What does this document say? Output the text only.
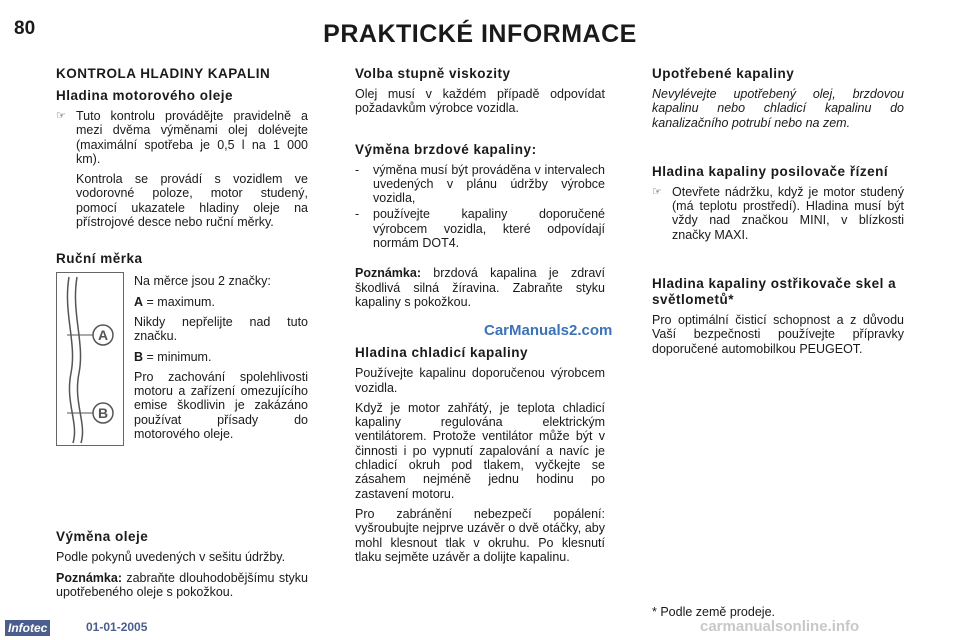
80	PRAKTICKÉ INFORMACE
KONTROLA HLADINY KAPALIN
Hladina motorového oleje
☞ Tuto kontrolu provádějte pravidelně a mezi dvěma výměnami olej dolévejte (maximální spotřeba je 0,5 l na 1 000 km).

Kontrola se provádí s vozidlem ve vodorovné poloze, motor studený, pomocí ukazatele hladiny oleje na přístrojové desce nebo ruční měrky.

Ruční měrka
A
B

Na měrce jsou 2 značky:

A = maximum.

Nikdy nepřelijte nad tuto značku.

B = minimum.

Pro zachování spolehlivosti motoru a zařízení omezujícího emise škodlivin je zakázáno používat přísady do motorového oleje.

Výměna oleje

Podle pokynů uvedených v sešitu údržby.

Poznámka: zabraňte dlouhodobějšímu styku upotřebeného oleje s pokožkou.

Volba stupně viskozity

Olej musí v každém případě odpovídat požadavkům výrobce vozidla.

Výměna brzdové kapaliny:
-	výměna musí být prováděna v intervalech uvedených v plánu údržby výrobce vozidla,
-	používejte kapaliny doporučené výrobcem vozidla, které odpovídají normám DOT4.

Poznámka: brzdová kapalina je zdraví škodlivá silná žíravina. Zabraňte styku kapaliny s pokožkou.

Hladina chladicí kapaliny

Používejte kapalinu doporučenou výrobcem vozidla.

Když je motor zahřátý, je teplota chladicí kapaliny regulována elektrickým ventilátorem. Protože ventilátor může být v činnosti i po vypnutí zapalování a navíc je chladicí okruh pod tlakem, vyčkejte se zásahem nejméně jednu hodinu po zastavení motoru.

Pro zabránění nebezpečí popálení: vyšroubujte nejprve uzávěr o dvě otáčky, aby mohl klesnout tlak v okruhu. Po klesnutí tlaku sejměte uzávěr a dolijte kapalinu.

Upotřebené kapaliny

Nevylévejte upotřebený olej, brzdovou kapalinu nebo chladicí kapalinu do kanalizačního potrubí nebo na zem.

Hladina kapaliny posilovače řízení
☞ Otevřete nádržku, když je motor studený (má teplotu prostředí). Hladina musí být vždy nad značkou MINI, v blízkosti značky MAXI.
Hladina kapaliny ostřikovače skel a světlometů*

Pro optimální čisticí schopnost a z důvodu Vaší bezpečnosti používejte přípravky doporučené automobilkou PEUGEOT.

CarManuals2.com
* Podle země prodeje.
Infotec	01-01-2005	carmanualsonline.info
